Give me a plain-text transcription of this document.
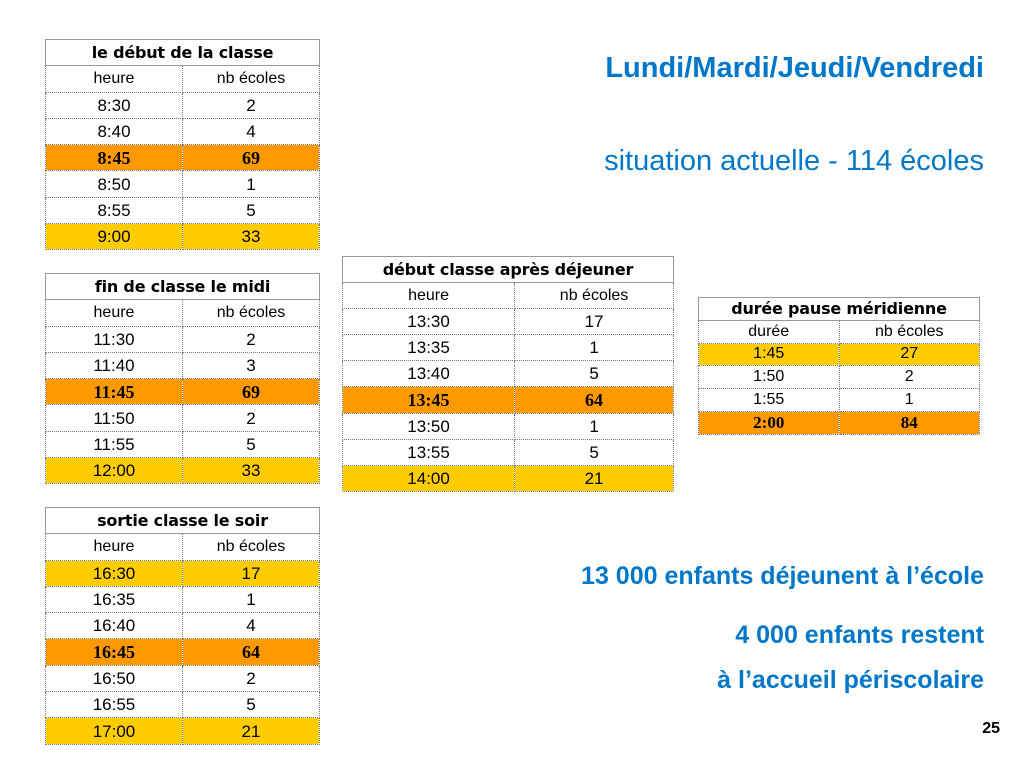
le début de la classe	
heure	nb écoles
8:30	2
8:40	4
8:45	69
8:50	1
8:55	5
9:00	33
fin de classe le midi	
heure	nb écoles
11:30	2
11:40	3
11:45	69
11:50	2
11:55	5
12:00	33
sortie classe le soir	
heure	nb écoles
16:30	17
16:35	1
16:40	4
16:45	64
16:50	2
16:55	5
17:00	21
début classe après déjeuner	
heure	nb écoles
13:30	17
13:35	1
13:40	5
13:45	64
13:50	1
13:55	5
14:00	21
durée pause méridienne	
durée	nb écoles
1:45	27
1:50	2
1:55	1
2:00	84
Lundi/Mardi/Jeudi/Vendredi
situation actuelle - 114 écoles
13 000 enfants déjeunent à l’école
4 000 enfants restent
à l’accueil périscolaire
25
